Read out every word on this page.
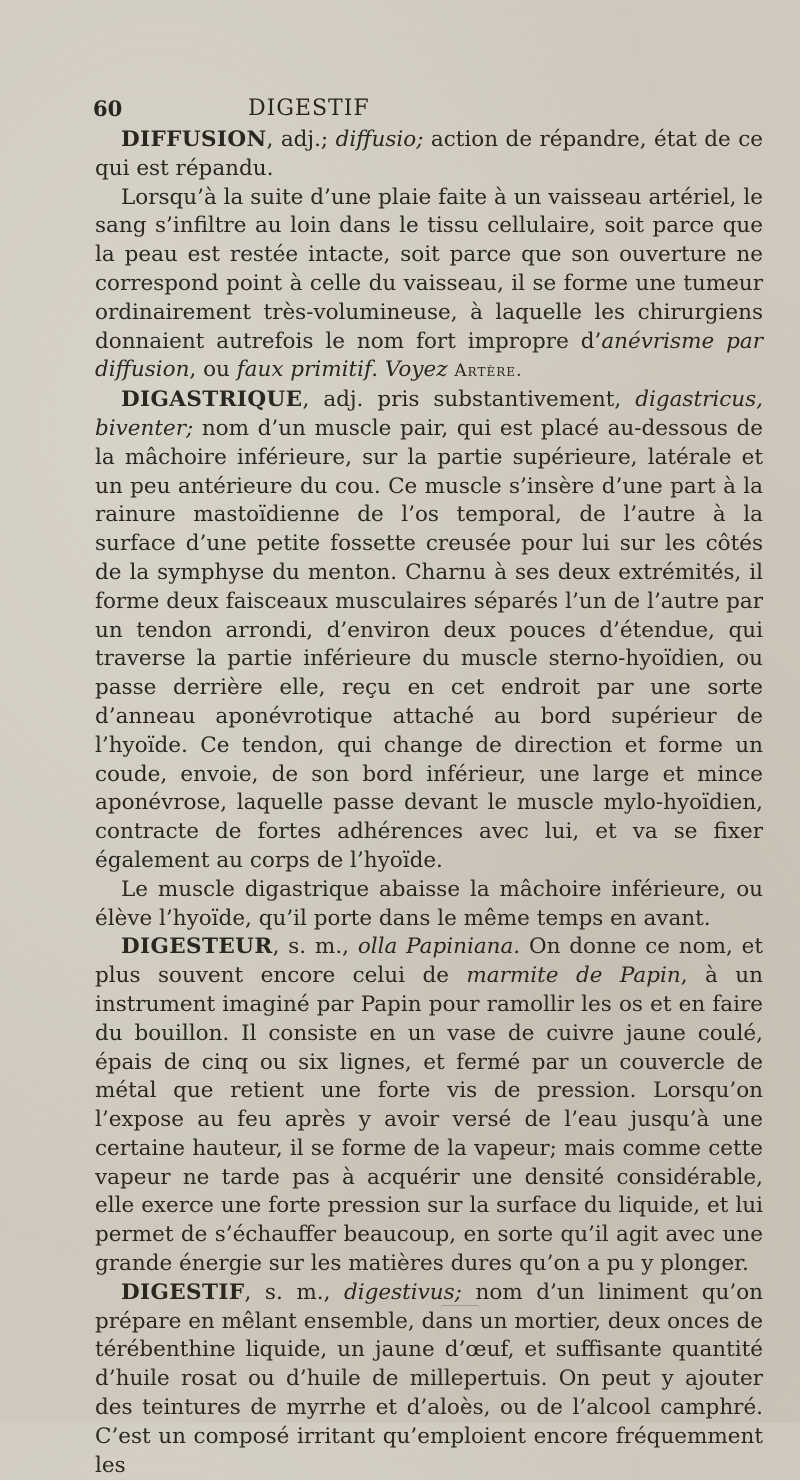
60	DIGESTIF

DIFFUSION, adj.; diffusio; action de répandre, état de ce qui est répandu.

Lorsqu’à la suite d’une plaie faite à un vaisseau artériel, le sang s’infiltre au loin dans le tissu cellulaire, soit parce que la peau est restée intacte, soit parce que son ouverture ne correspond point à celle du vaisseau, il se forme une tumeur ordinairement très-volumineuse, à laquelle les chirurgiens donnaient autrefois le nom fort impropre d’anévrisme par diffusion, ou faux primitif. Voyez Artère.

DIGASTRIQUE, adj. pris substantivement, digastricus, biventer; nom d’un muscle pair, qui est placé au-dessous de la mâchoire inférieure, sur la partie supérieure, latérale et un peu antérieure du cou. Ce muscle s’insère d’une part à la rainure mastoïdienne de l’os temporal, de l’autre à la surface d’une petite fossette creusée pour lui sur les côtés de la symphyse du menton. Charnu à ses deux extrémités, il forme deux faisceaux musculaires séparés l’un de l’autre par un tendon arrondi, d’environ deux pouces d’étendue, qui traverse la partie inférieure du muscle sterno-hyoïdien, ou passe derrière elle, reçu en cet endroit par une sorte d’anneau aponévrotique attaché au bord supérieur de l’hyoïde. Ce tendon, qui change de direction et forme un coude, envoie, de son bord inférieur, une large et mince aponévrose, laquelle passe devant le muscle mylo-hyoïdien, contracte de fortes adhérences avec lui, et va se fixer également au corps de l’hyoïde.

Le muscle digastrique abaisse la mâchoire inférieure, ou élève l’hyoïde, qu’il porte dans le même temps en avant.

DIGESTEUR, s. m., olla Papiniana. On donne ce nom, et plus souvent encore celui de marmite de Papin, à un instrument imaginé par Papin pour ramollir les os et en faire du bouillon. Il consiste en un vase de cuivre jaune coulé, épais de cinq ou six lignes, et fermé par un couvercle de métal que retient une forte vis de pression. Lorsqu’on l’expose au feu après y avoir versé de l’eau jusqu’à une certaine hauteur, il se forme de la vapeur; mais comme cette vapeur ne tarde pas à acquérir une densité considérable, elle exerce une forte pression sur la surface du liquide, et lui permet de s’échauffer beaucoup, en sorte qu’il agit avec une grande énergie sur les matières dures qu’on a pu y plonger.

DIGESTIF, s. m., digestivus; nom d’un liniment qu’on prépare en mêlant ensemble, dans un mortier, deux onces de térébenthine liquide, un jaune d’œuf, et suffisante quantité d’huile rosat ou d’huile de millepertuis. On peut y ajouter des teintures de myrrhe et d’aloès, ou de l’alcool camphré. C’est un composé irritant qu’emploient encore fréquemment les
